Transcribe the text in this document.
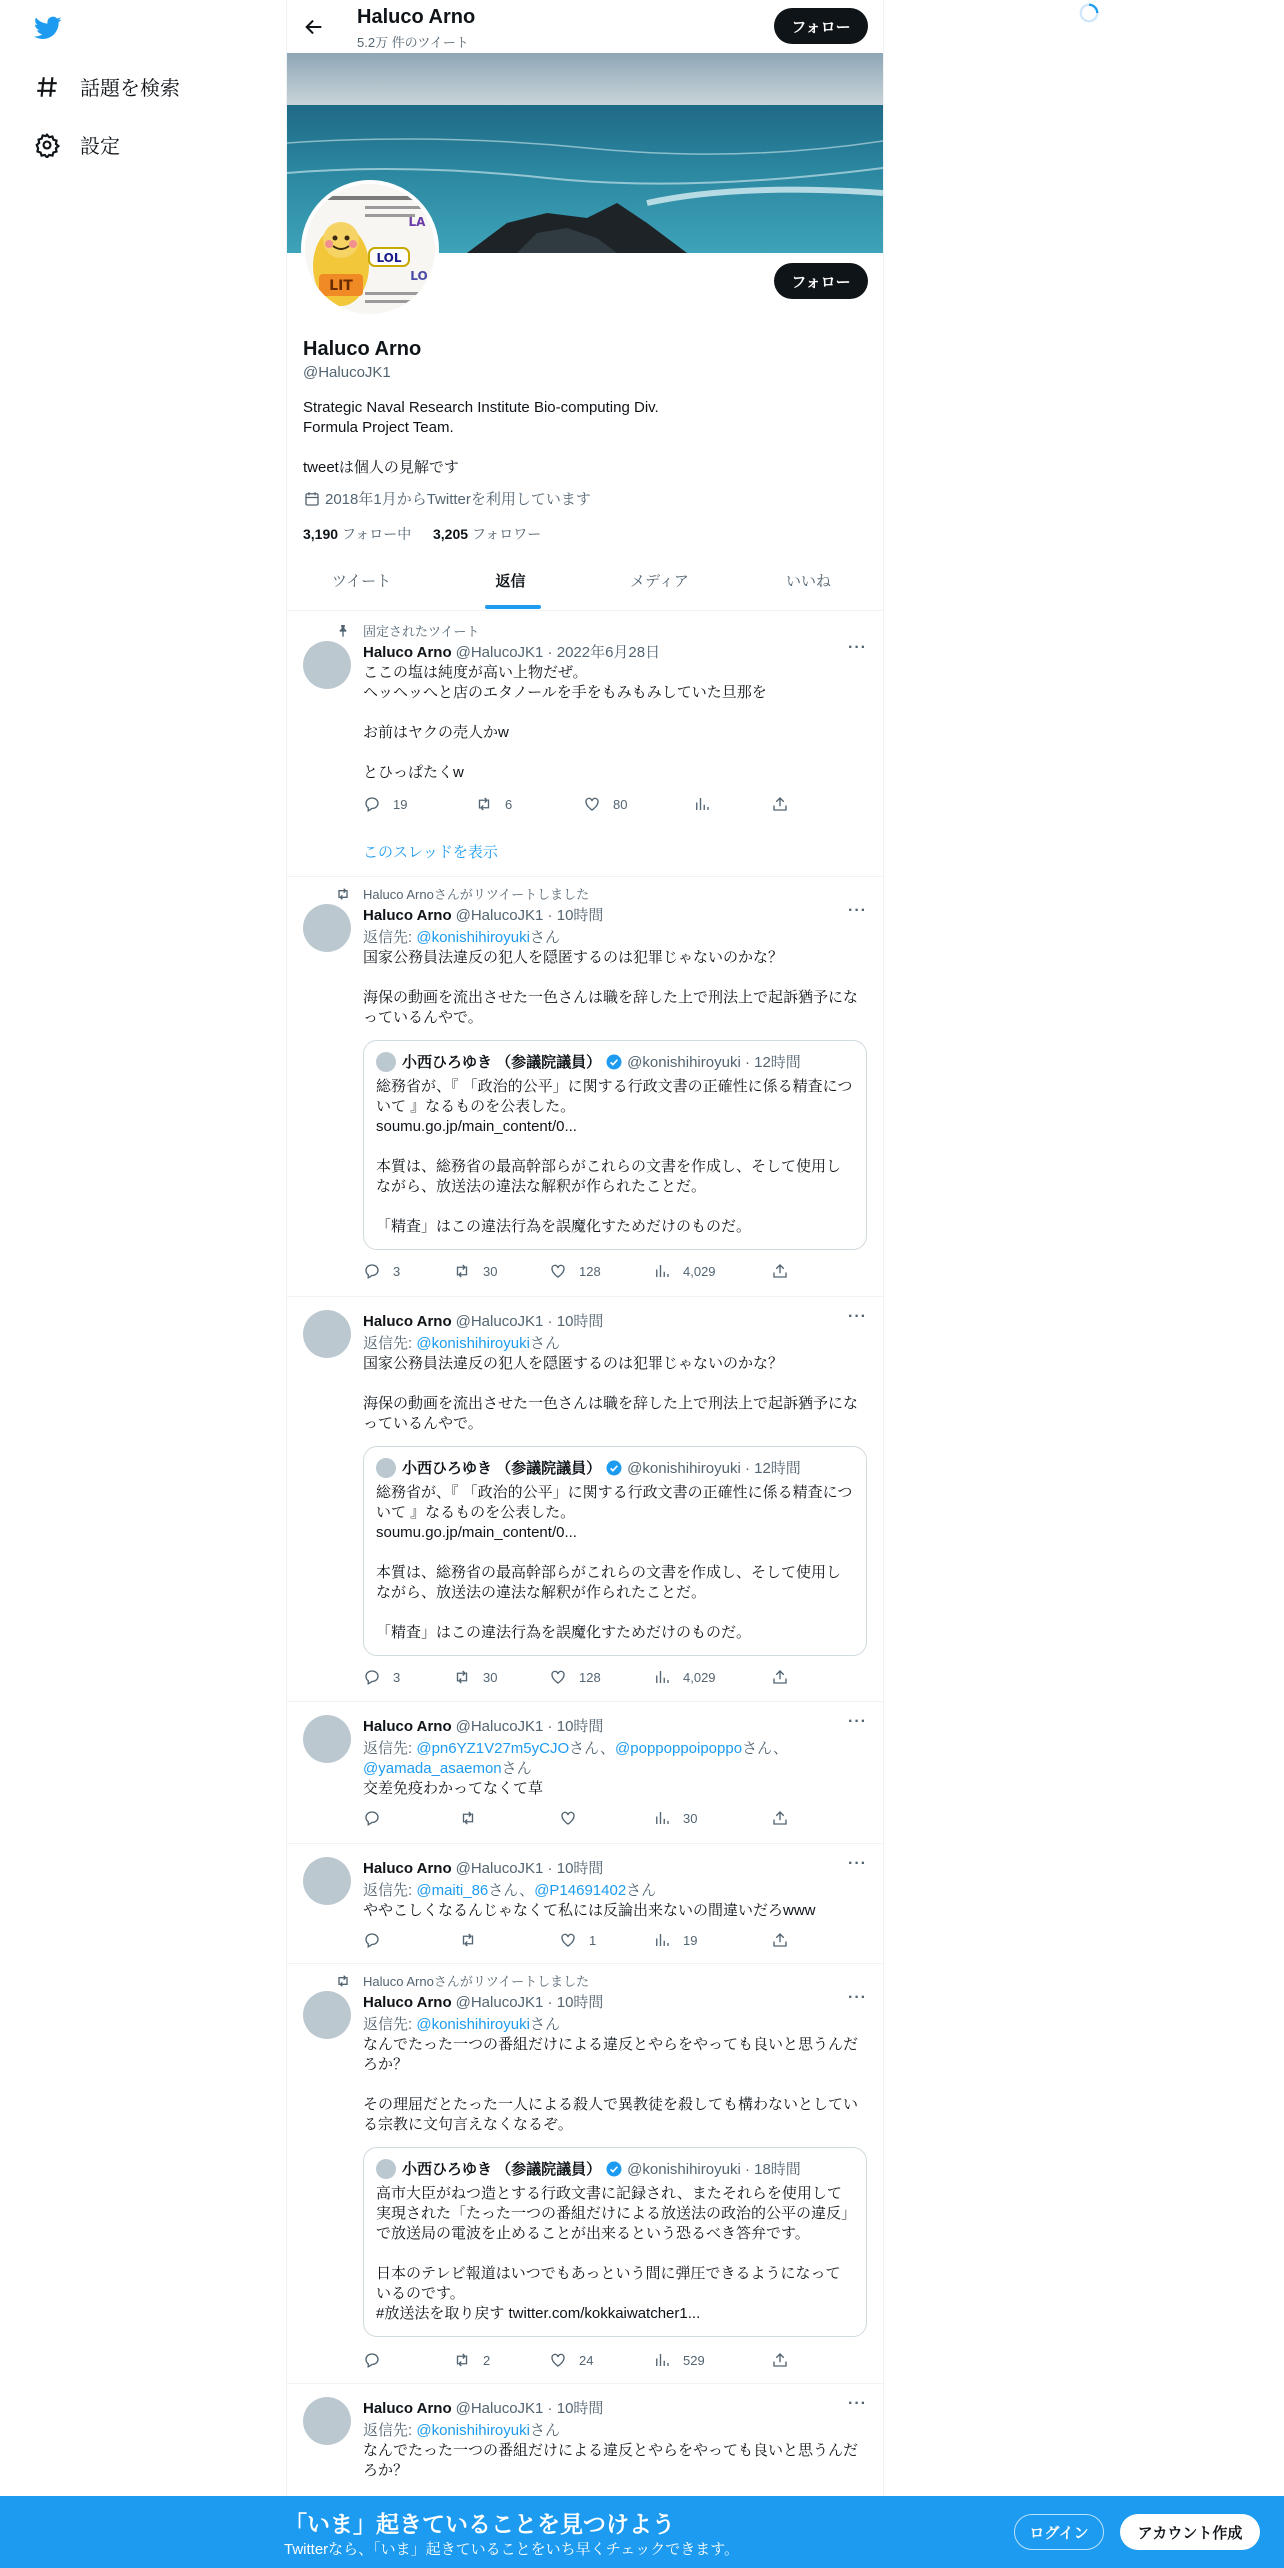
話題を検索
設定
Haluco Arno
5.2万 件のツイート
フォロー
LIT
LOL
LA
LO	フォロー
Haluco Arno
@HalucoJK1
Strategic Naval Research Institute Bio-computing Div.
Formula Project Team.

tweetは個人の見解です
2018年1月からTwitterを利用しています
3,190 フォロー中 3,205 フォロワー
ツイート	返信	メディア	いいね
固定されたツイート
Haluco Arno @HalucoJK1 · 2022年6月28日	···
ここの塩は純度が高い上物だぜ。
ヘッヘッへと店のエタノールを手をもみもみしていた旦那を

お前はヤクの売人かw

とひっぱたくw
19	6	80
このスレッドを表示
Haluco Arnoさんがリツイートしました
Haluco Arno @HalucoJK1 · 10時間	···
返信先: @konishihiroyukiさん
国家公務員法違反の犯人を隠匿するのは犯罪じゃないのかな？

海保の動画を流出させた一色さんは職を辞した上で刑法上で起訴猶予になっているんやで。
小西ひろゆき （参議院議員） @konishihiroyuki · 12時間
総務省が、『 「政治的公平」に関する行政文書の正確性に係る精査について 』なるものを公表した。
soumu.go.jp/main_content/0...

本質は、総務省の最高幹部らがこれらの文書を作成し、そして使用しながら、放送法の違法な解釈が作られたことだ。

「精査」はこの違法行為を誤魔化すためだけのものだ。
3	30	128	4,029
Haluco Arno @HalucoJK1 · 10時間	···
返信先: @konishihiroyukiさん
国家公務員法違反の犯人を隠匿するのは犯罪じゃないのかな？

海保の動画を流出させた一色さんは職を辞した上で刑法上で起訴猶予になっているんやで。
小西ひろゆき （参議院議員） @konishihiroyuki · 12時間
総務省が、『 「政治的公平」に関する行政文書の正確性に係る精査について 』なるものを公表した。
soumu.go.jp/main_content/0...

本質は、総務省の最高幹部らがこれらの文書を作成し、そして使用しながら、放送法の違法な解釈が作られたことだ。

「精査」はこの違法行為を誤魔化すためだけのものだ。
3	30	128	4,029
Haluco Arno @HalucoJK1 · 10時間	···
返信先: @pn6YZ1V27m5yCJOさん、@poppoppoipoppoさん、
@yamada_asaemonさん
交差免疫わかってなくて草
30
Haluco Arno @HalucoJK1 · 10時間	···
返信先: @maiti_86さん、@P14691402さん
ややこしくなるんじゃなくて私には反論出来ないの間違いだろwww
1	19
Haluco Arnoさんがリツイートしました
Haluco Arno @HalucoJK1 · 10時間	···
返信先: @konishihiroyukiさん
なんでたった一つの番組だけによる違反とやらをやっても良いと思うんだろか？

その理屈だとたった一人による殺人で異教徒を殺しても構わないとしている宗教に文句言えなくなるぞ。
小西ひろゆき （参議院議員） @konishihiroyuki · 18時間
高市大臣がねつ造とする行政文書に記録され、またそれらを使用して実現された「たった一つの番組だけによる放送法の政治的公平の違反」で放送局の電波を止めることが出来るという恐るべき答弁です。

日本のテレビ報道はいつでもあっという間に弾圧できるようになっているのです。
#放送法を取り戻す twitter.com/kokkaiwatcher1...
2	24	529
Haluco Arno @HalucoJK1 · 10時間	···
返信先: @konishihiroyukiさん
なんでたった一つの番組だけによる違反とやらをやっても良いと思うんだろか？
「いま」起きていることを見つけよう
Twitterなら、「いま」起きていることをいち早くチェックできます。
ログイン	アカウント作成
